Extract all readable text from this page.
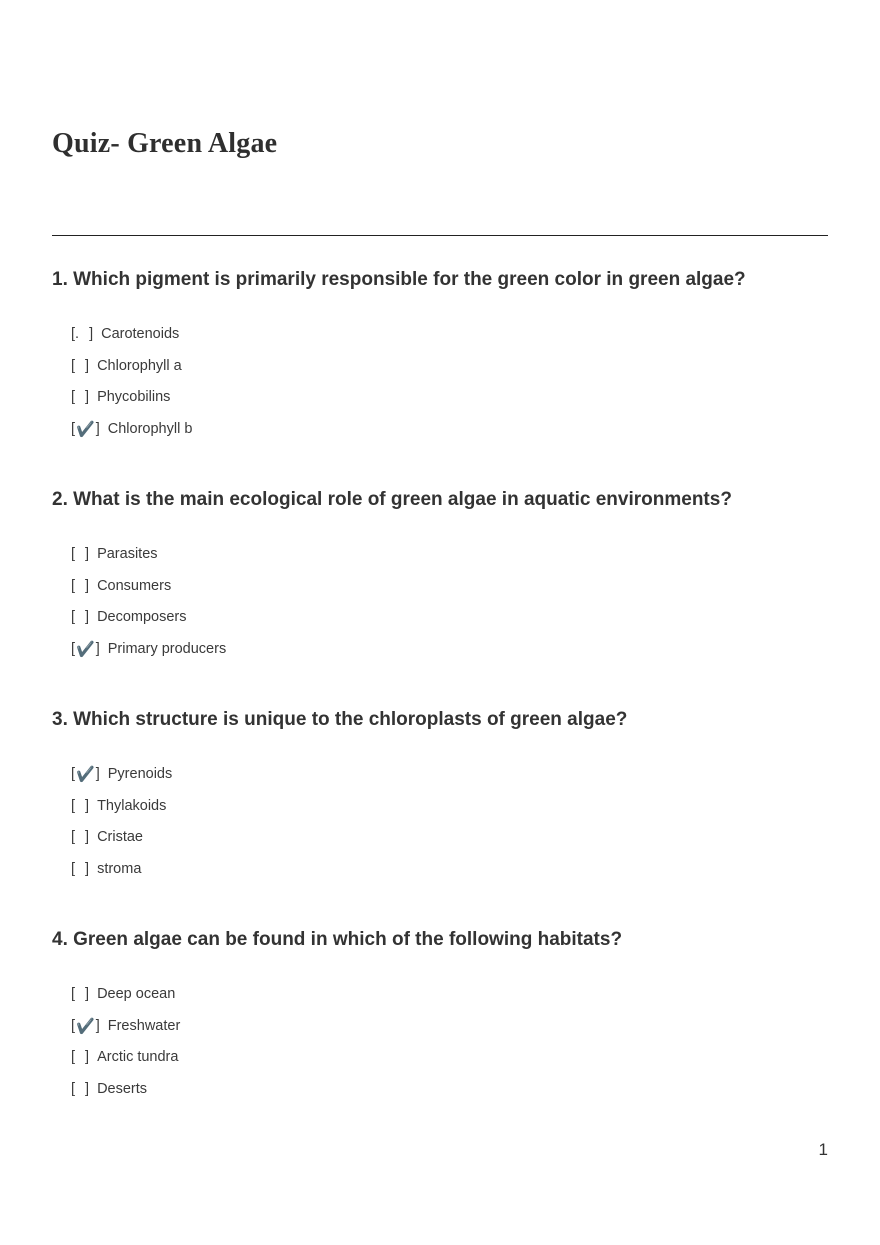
Quiz- Green Algae
1. Which pigment is primarily responsible for the green color in green algae?
[. ] Carotenoids
[ ] Chlorophyll a
[ ] Phycobilins
[ ✔️ ] Chlorophyll b
2. What is the main ecological role of green algae in aquatic environments?
[ ] Parasites
[ ] Consumers
[ ] Decomposers
[ ✔️ ] Primary producers
3. Which structure is unique to the chloroplasts of green algae?
[ ✔️ ] Pyrenoids
[ ] Thylakoids
[ ] Cristae
[ ] stroma
4. Green algae can be found in which of the following habitats?
[ ] Deep ocean
[ ✔️ ] Freshwater
[ ] Arctic tundra
[ ] Deserts
1
